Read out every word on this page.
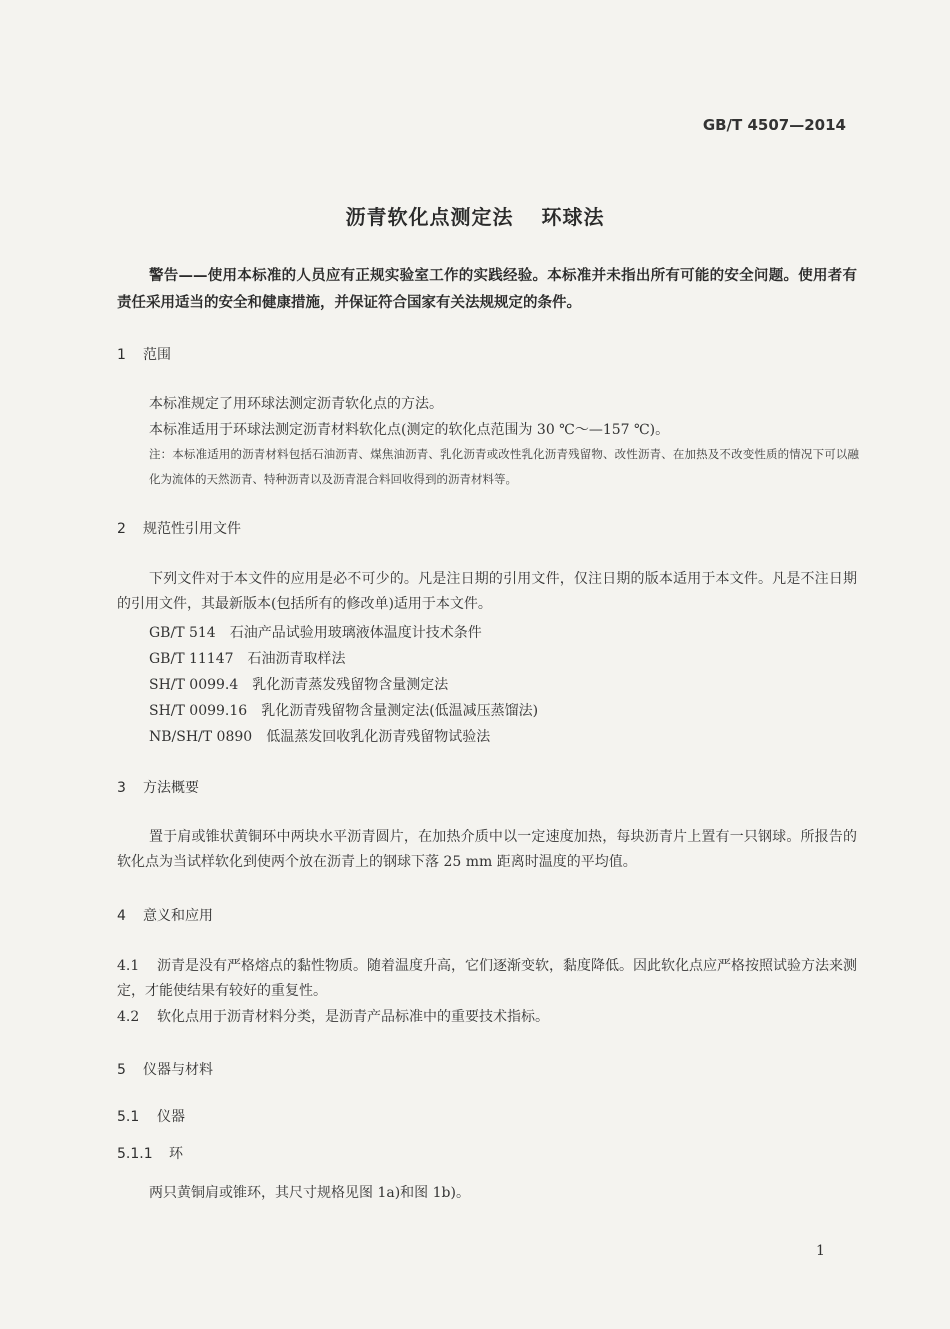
GB/T 4507—2014
沥青软化点测定法 环球法
警告——使用本标准的人员应有正规实验室工作的实践经验。本标准并未指出所有可能的安全问题。使用者有责任采用适当的安全和健康措施，并保证符合国家有关法规规定的条件。
1 范围
本标准规定了用环球法测定沥青软化点的方法。
本标准适用于环球法测定沥青材料软化点(测定的软化点范围为 30 ℃～—157 ℃)。
注：本标准适用的沥青材料包括石油沥青、煤焦油沥青、乳化沥青或改性乳化沥青残留物、改性沥青、在加热及不改变性质的情况下可以融化为流体的天然沥青、特种沥青以及沥青混合料回收得到的沥青材料等。
2 规范性引用文件
下列文件对于本文件的应用是必不可少的。凡是注日期的引用文件，仅注日期的版本适用于本文件。凡是不注日期的引用文件，其最新版本(包括所有的修改单)适用于本文件。
GB/T 514 石油产品试验用玻璃液体温度计技术条件
GB/T 11147 石油沥青取样法
SH/T 0099.4 乳化沥青蒸发残留物含量测定法
SH/T 0099.16 乳化沥青残留物含量测定法(低温减压蒸馏法)
NB/SH/T 0890 低温蒸发回收乳化沥青残留物试验法
3 方法概要
置于肩或锥状黄铜环中两块水平沥青圆片，在加热介质中以一定速度加热，每块沥青片上置有一只钢球。所报告的软化点为当试样软化到使两个放在沥青上的钢球下落 25 mm 距离时温度的平均值。
4 意义和应用
4.1 沥青是没有严格熔点的黏性物质。随着温度升高，它们逐渐变软，黏度降低。因此软化点应严格按照试验方法来测定，才能使结果有较好的重复性。
4.2 软化点用于沥青材料分类，是沥青产品标准中的重要技术指标。
5 仪器与材料
5.1 仪器
5.1.1 环
两只黄铜肩或锥环，其尺寸规格见图 1a)和图 1b)。
1
